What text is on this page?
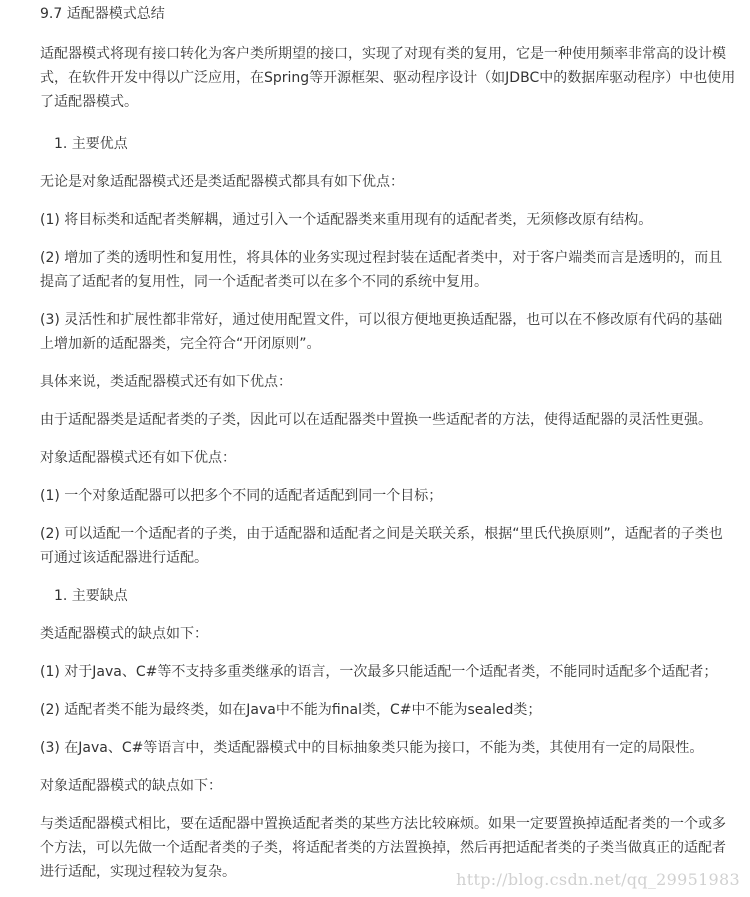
9.7 适配器模式总结

适配器模式将现有接口转化为客户类所期望的接口，实现了对现有类的复用，它是一种使用频率非常高的设计模式，在软件开发中得以广泛应用，在Spring等开源框架、驱动程序设计（如JDBC中的数据库驱动程序）中也使用了适配器模式。

1. 主要优点

无论是对象适配器模式还是类适配器模式都具有如下优点：

(1) 将目标类和适配者类解耦，通过引入一个适配器类来重用现有的适配者类，无须修改原有结构。

(2) 增加了类的透明性和复用性，将具体的业务实现过程封装在适配者类中，对于客户端类而言是透明的，而且提高了适配者的复用性，同一个适配者类可以在多个不同的系统中复用。

(3) 灵活性和扩展性都非常好，通过使用配置文件，可以很方便地更换适配器，也可以在不修改原有代码的基础上增加新的适配器类，完全符合“开闭原则”。

具体来说，类适配器模式还有如下优点：

由于适配器类是适配者类的子类，因此可以在适配器类中置换一些适配者的方法，使得适配器的灵活性更强。

对象适配器模式还有如下优点：

(1) 一个对象适配器可以把多个不同的适配者适配到同一个目标；

(2) 可以适配一个适配者的子类，由于适配器和适配者之间是关联关系，根据“里氏代换原则”，适配者的子类也可通过该适配器进行适配。

1. 主要缺点

类适配器模式的缺点如下：

(1) 对于Java、C#等不支持多重类继承的语言，一次最多只能适配一个适配者类，不能同时适配多个适配者；

(2) 适配者类不能为最终类，如在Java中不能为final类，C#中不能为sealed类；

(3) 在Java、C#等语言中，类适配器模式中的目标抽象类只能为接口，不能为类，其使用有一定的局限性。

对象适配器模式的缺点如下：

与类适配器模式相比，要在适配器中置换适配者类的某些方法比较麻烦。如果一定要置换掉适配者类的一个或多个方法，可以先做一个适配者类的子类，将适配者类的方法置换掉，然后再把适配者类的子类当做真正的适配者进行适配，实现过程较为复杂。	http://blog.csdn.net/qq_29951983
